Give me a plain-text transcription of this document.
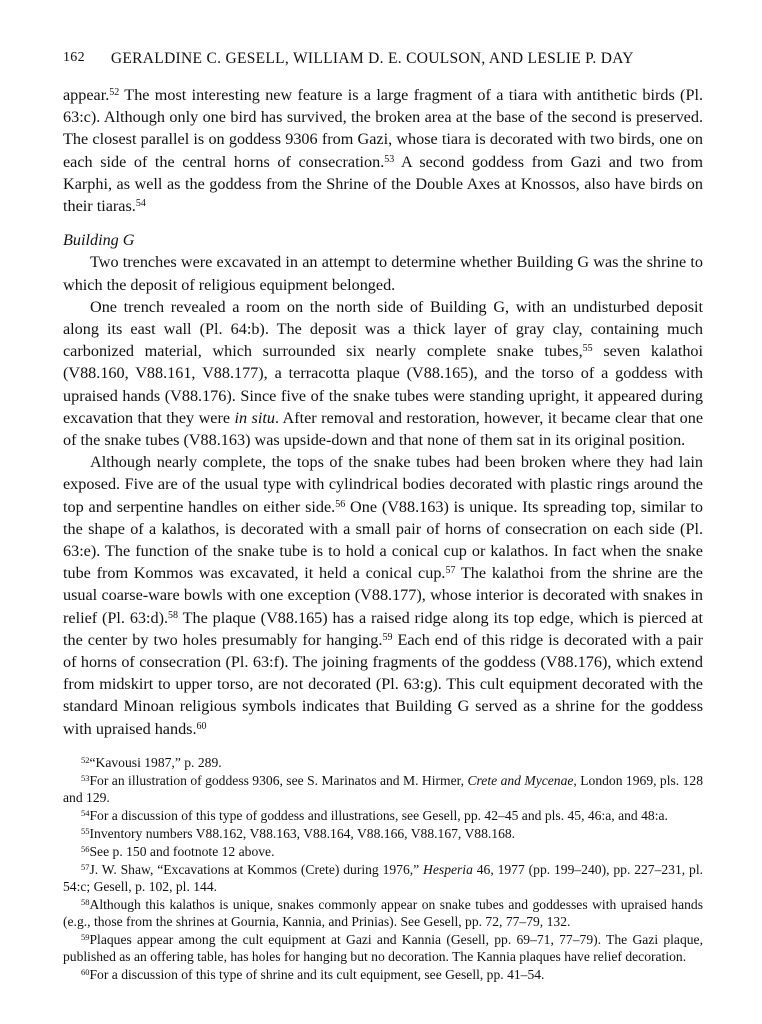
162 GERALDINE C. GESELL, WILLIAM D. E. COULSON, AND LESLIE P. DAY

appear.$^{52}$ The most interesting new feature is a large fragment of a tiara with antithetic birds (Pl. 63:c). Although only one bird has survived, the broken area at the base of the second is preserved. The closest parallel is on goddess 9306 from Gazi, whose tiara is decorated with two birds, one on each side of the central horns of consecration.$^{53}$ A second goddess from Gazi and two from Karphi, as well as the goddess from the Shrine of the Double Axes at Knossos, also have birds on their tiaras.$^{54}$

Building G

Two trenches were excavated in an attempt to determine whether Building G was the shrine to which the deposit of religious equipment belonged.

One trench revealed a room on the north side of Building G, with an undisturbed deposit along its east wall (Pl. 64:b). The deposit was a thick layer of gray clay, containing much carbonized material, which surrounded six nearly complete snake tubes,$^{55}$ seven kalathoi (V88.160, V88.161, V88.177), a terracotta plaque (V88.165), and the torso of a goddess with upraised hands (V88.176). Since five of the snake tubes were standing upright, it appeared during excavation that they were in situ. After removal and restoration, however, it became clear that one of the snake tubes (V88.163) was upside-down and that none of them sat in its original position.

Although nearly complete, the tops of the snake tubes had been broken where they had lain exposed. Five are of the usual type with cylindrical bodies decorated with plastic rings around the top and serpentine handles on either side.$^{56}$ One (V88.163) is unique. Its spreading top, similar to the shape of a kalathos, is decorated with a small pair of horns of consecration on each side (Pl. 63:e). The function of the snake tube is to hold a conical cup or kalathos. In fact when the snake tube from Kommos was excavated, it held a conical cup.$^{57}$ The kalathoi from the shrine are the usual coarse-ware bowls with one exception (V88.177), whose interior is decorated with snakes in relief (Pl. 63:d).$^{58}$ The plaque (V88.165) has a raised ridge along its top edge, which is pierced at the center by two holes presumably for hanging.$^{59}$ Each end of this ridge is decorated with a pair of horns of consecration (Pl. 63:f). The joining fragments of the goddess (V88.176), which extend from midskirt to upper torso, are not decorated (Pl. 63:g). This cult equipment decorated with the standard Minoan religious symbols indicates that Building G served as a shrine for the goddess with upraised hands.$^{60}$

$^{52}$“Kavousi 1987,” p. 289.

$^{53}$For an illustration of goddess 9306, see S. Marinatos and M. Hirmer, Crete and Mycenae, London 1969, pls. 128 and 129.

$^{54}$For a discussion of this type of goddess and illustrations, see Gesell, pp. 42–45 and pls. 45, 46:a, and 48:a.

$^{55}$Inventory numbers V88.162, V88.163, V88.164, V88.166, V88.167, V88.168.

$^{56}$See p. 150 and footnote 12 above.

$^{57}$J. W. Shaw, “Excavations at Kommos (Crete) during 1976,” Hesperia 46, 1977 (pp. 199–240), pp. 227–231, pl. 54:c; Gesell, p. 102, pl. 144.

$^{58}$Although this kalathos is unique, snakes commonly appear on snake tubes and goddesses with upraised hands (e.g., those from the shrines at Gournia, Kannia, and Prinias). See Gesell, pp. 72, 77–79, 132.

$^{59}$Plaques appear among the cult equipment at Gazi and Kannia (Gesell, pp. 69–71, 77–79). The Gazi plaque, published as an offering table, has holes for hanging but no decoration. The Kannia plaques have relief decoration.

$^{60}$For a discussion of this type of shrine and its cult equipment, see Gesell, pp. 41–54.
